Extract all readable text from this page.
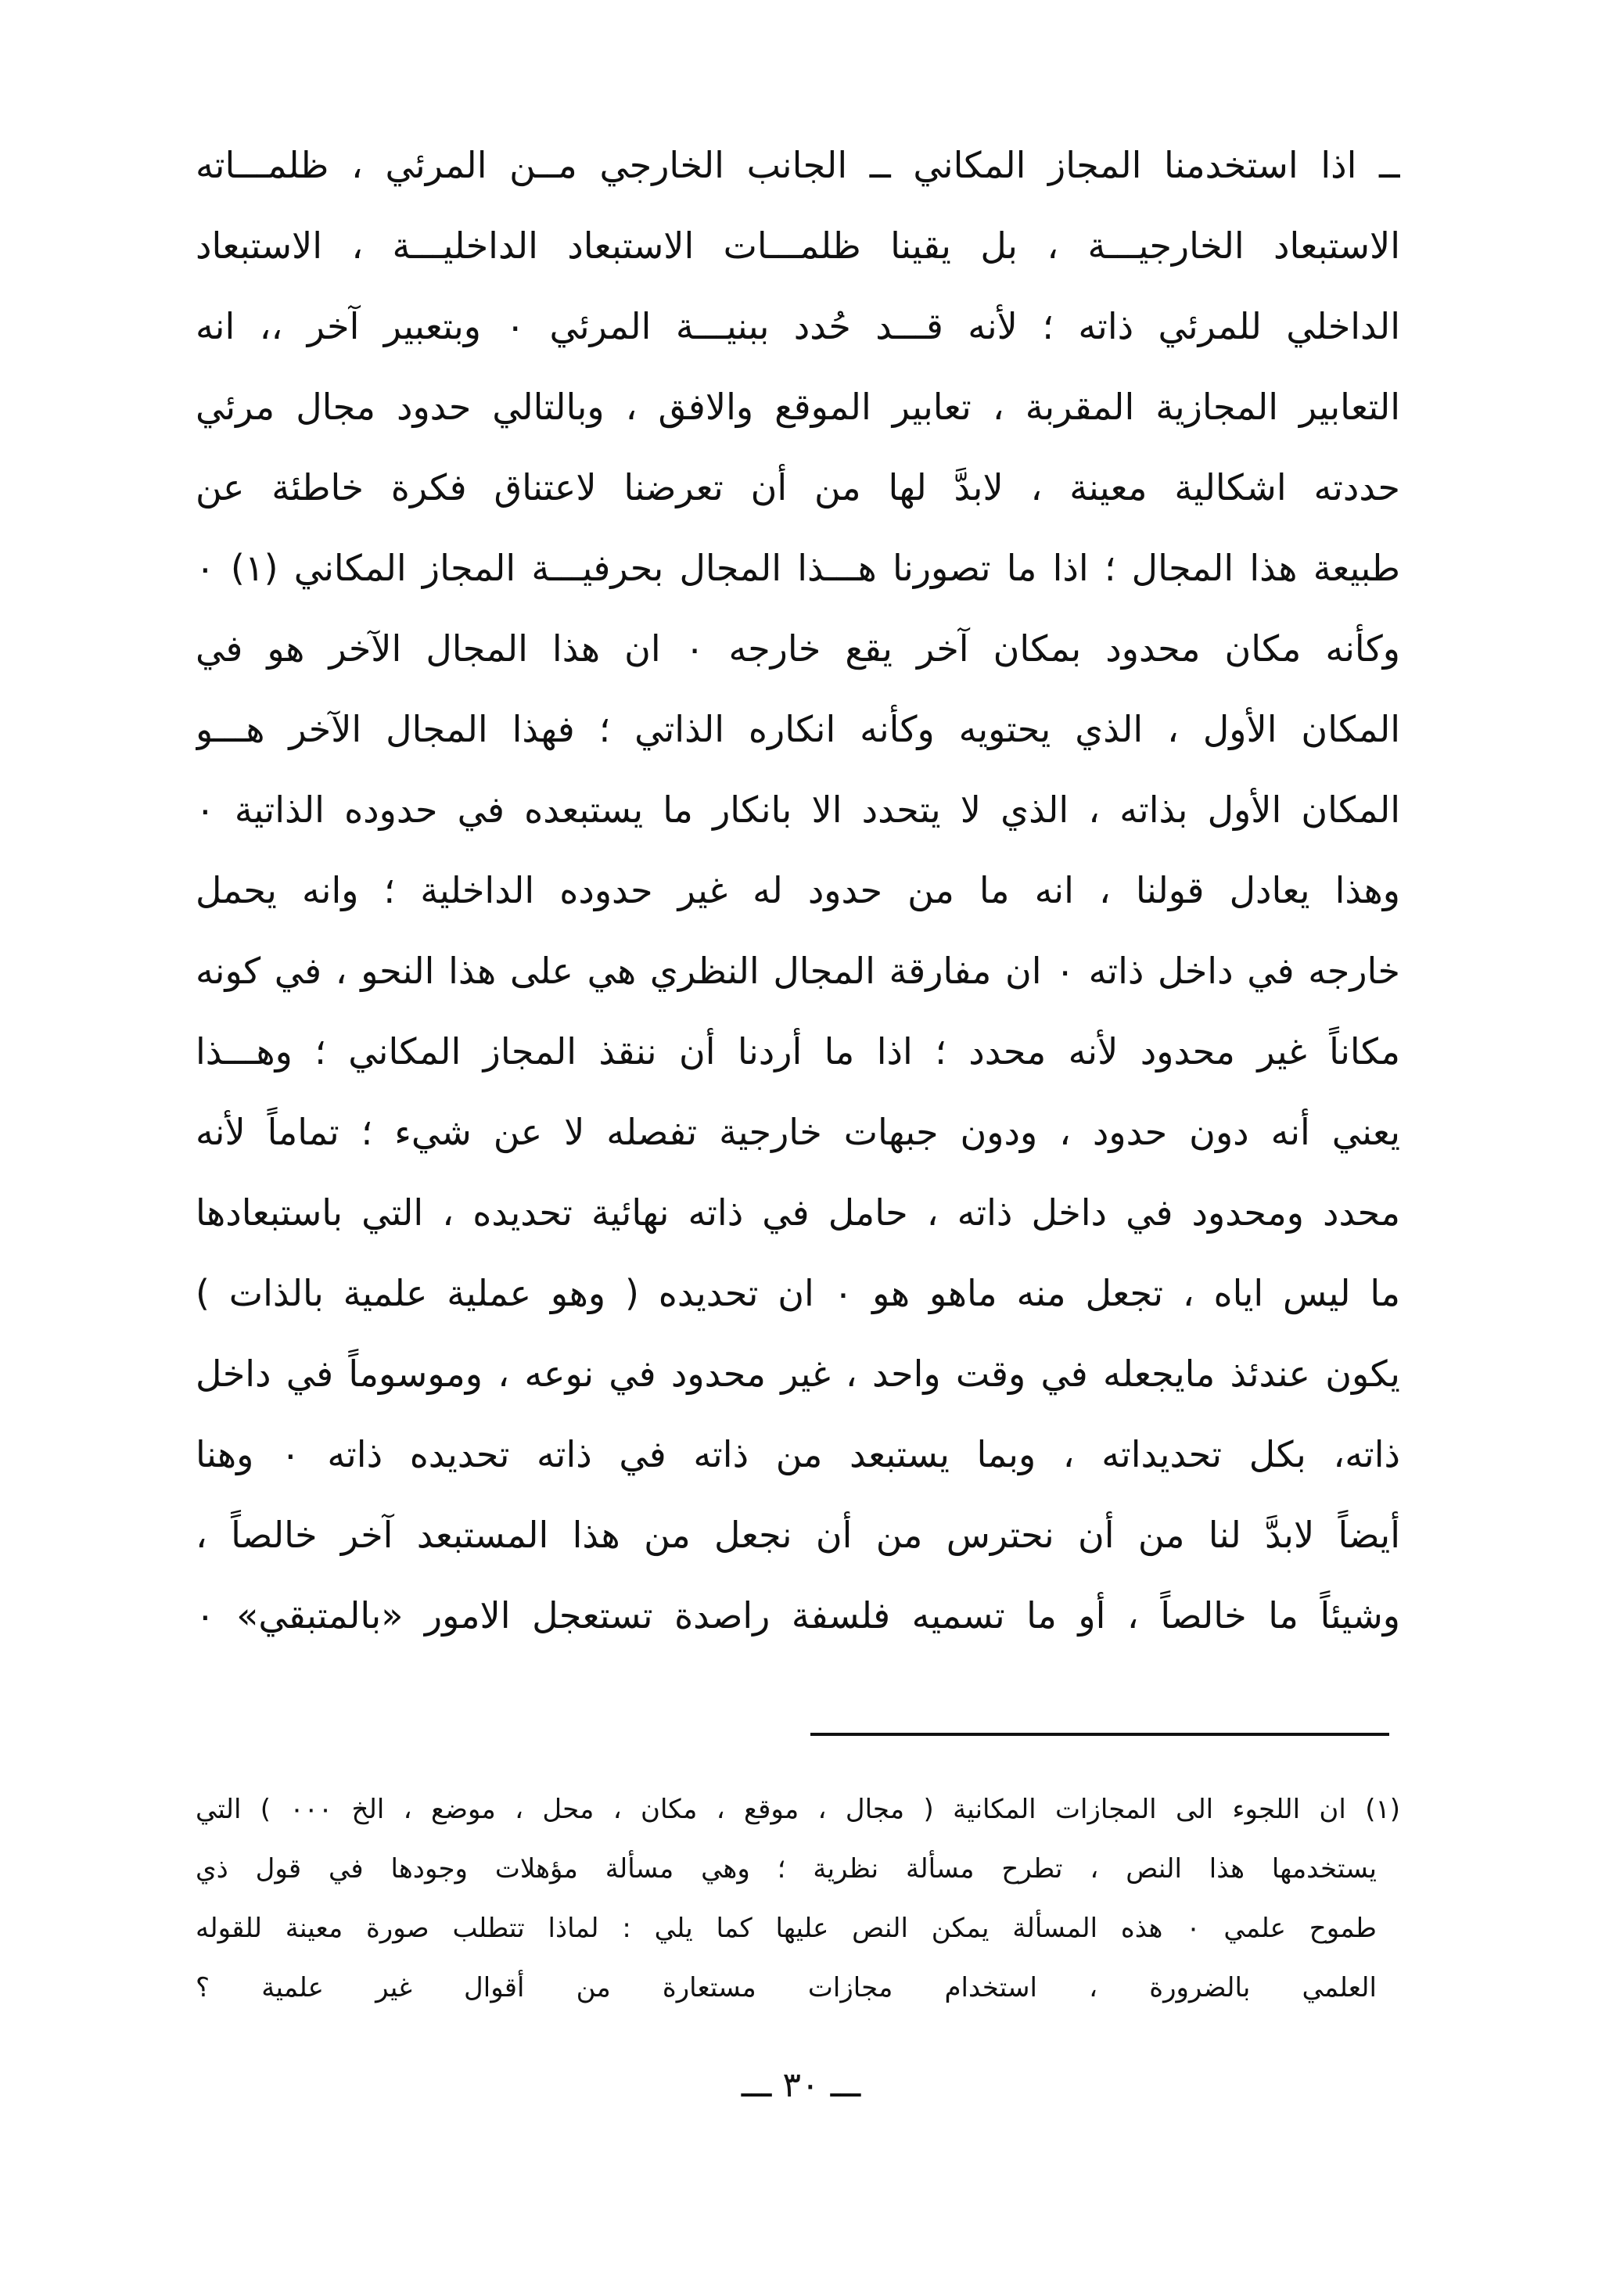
ــ اذا استخدمنا المجاز المكاني ــ الجانب الخارجي مــن المرئي ، ظلمـــاته
الاستبعاد الخارجيـــة ، بل يقينا ظلمـــات الاستبعاد الداخليـــة ، الاستبعاد
الداخلي للمرئي ذاته ؛ لأنه قـــد حُدد ببنيـــة المرئي ٠ وبتعبير آخر ،، انه
التعابير المجازية المقربة ، تعابير الموقع والافق ، وبالتالي حدود مجال مرئي
حددته اشكالية معينة ، لابدَّ لها من أن تعرضنا لاعتناق فكرة خاطئة عن
طبيعة هذا المجال ؛ اذا ما تصورنا هـــذا المجال بحرفيـــة المجاز المكاني (١) ٠
وكأنه مكان محدود بمكان آخر يقع خارجه ٠ ان هذا المجال الآخر هو في
المكان الأول ، الذي يحتويه وكأنه انكاره الذاتي ؛ فهذا المجال الآخر هـــو
المكان الأول بذاته ، الذي لا يتحدد الا بانكار ما يستبعده في حدوده الذاتية ٠
وهذا يعادل قولنا ، انه ما من حدود له غير حدوده الداخلية ؛ وانه يحمل
خارجه في داخل ذاته ٠ ان مفارقة المجال النظري هي على هذا النحو ، في كونه
مكاناً غير محدود لأنه محدد ؛ اذا ما أردنا أن ننقذ المجاز المكاني ؛ وهـــذا
يعني أنه دون حدود ، ودون جبهات خارجية تفصله لا عن شيء ؛ تماماً لأنه
محدد ومحدود في داخل ذاته ، حامل في ذاته نهائية تحديده ، التي باستبعادها
ما ليس اياه ، تجعل منه ماهو هو ٠ ان تحديده ( وهو عملية علمية بالذات )
يكون عندئذ مايجعله في وقت واحد ، غير محدود في نوعه ، وموسوماً في داخل
ذاته، بكل تحديداته ، وبما يستبعد من ذاته في ذاته تحديده ذاته ٠ وهنا
أيضاً لابدَّ لنا من أن نحترس من أن نجعل من هذا المستبعد آخر خالصاً ،
وشيئاً ما خالصاً ، أو ما تسميه فلسفة راصدة تستعجل الامور «بالمتبقي» ٠
(١) ان اللجوء الى المجازات المكانية ( مجال ، موقع ، مكان ، محل ، موضع ، الخ ٠٠٠ ) التي
يستخدمها هذا النص ، تطرح مسألة نظرية ؛ وهي مسألة مؤهلات وجودها في قول ذي
طموح علمي ٠ هذه المسألة يمكن النص عليها كما يلي : لماذا تتطلب صورة معينة للقوله
العلمي بالضرورة ، استخدام مجازات مستعارة من أقوال غير علمية ؟
ـــ ٣٠ ـــ
